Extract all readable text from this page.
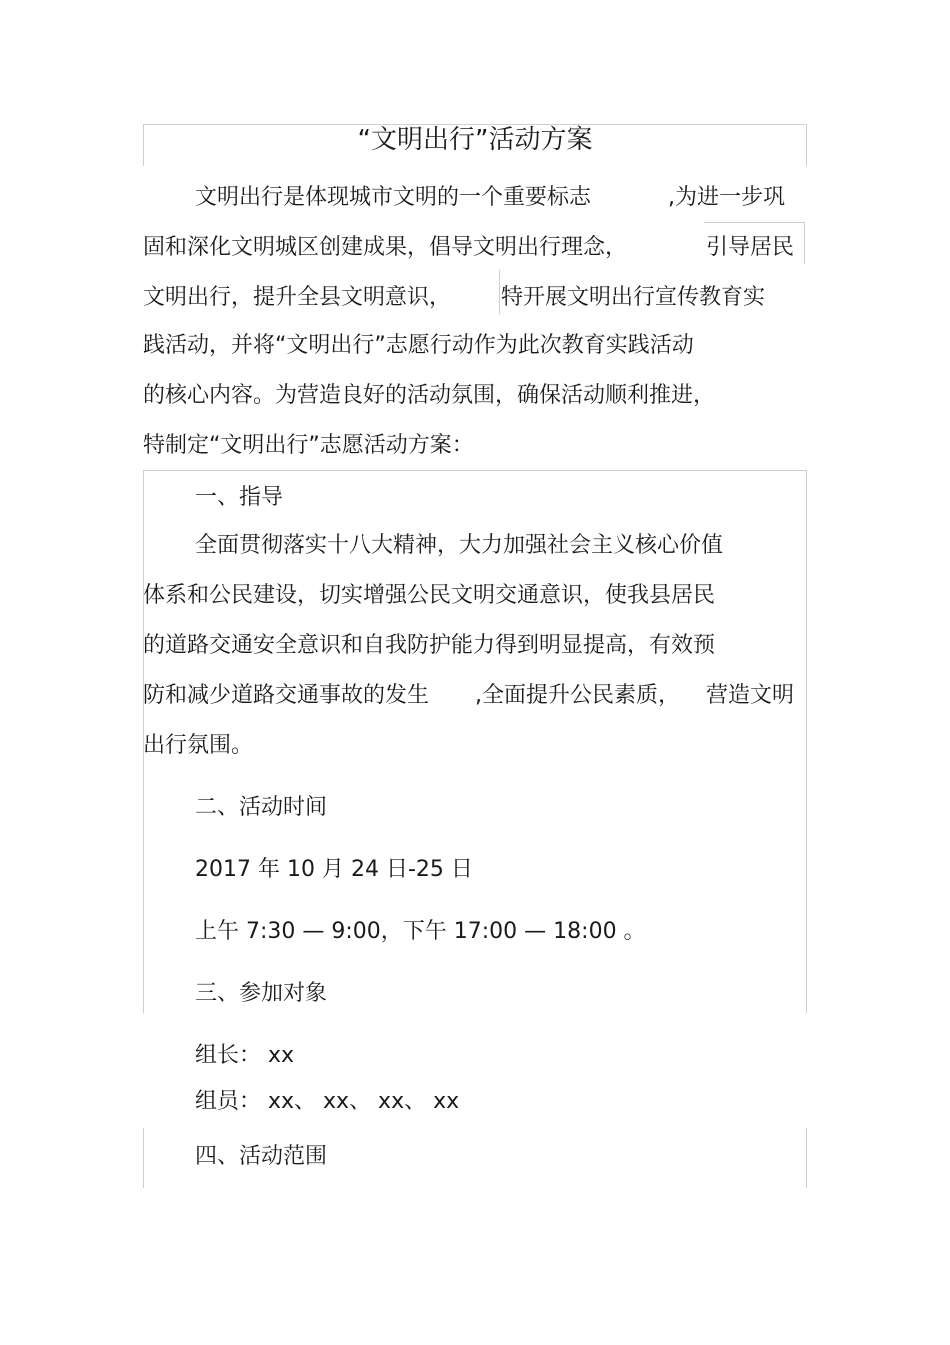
“文明出行”活动方案
文明出行是体现城市文明的一个重要标志	,为进一步巩
固和深化文明城区创建成果，倡导文明出行理念，	引导居民
文明出行，提升全县文明意识， 特开展文明出行宣传教育实
践活动，并将“文明出行”志愿行动作为此次教育实践活动
的核心内容。为营造良好的活动氛围，确保活动顺利推进，
特制定“文明出行”志愿活动方案：
一、指导
全面贯彻落实十八大精神，大力加强社会主义核心价值
体系和公民建设，切实增强公民文明交通意识，使我县居民
的道路交通安全意识和自我防护能力得到明显提高，有效预
防和减少道路交通事故的发生 ,全面提升公民素质， 营造文明
出行氛围。
二、活动时间
2017 年 10 月 24 日-25 日
上午 7:30 — 9:00，下午 17:00 — 18:00 。
三、参加对象
组长： xx
组员： xx、 xx、 xx、 xx
四、活动范围
